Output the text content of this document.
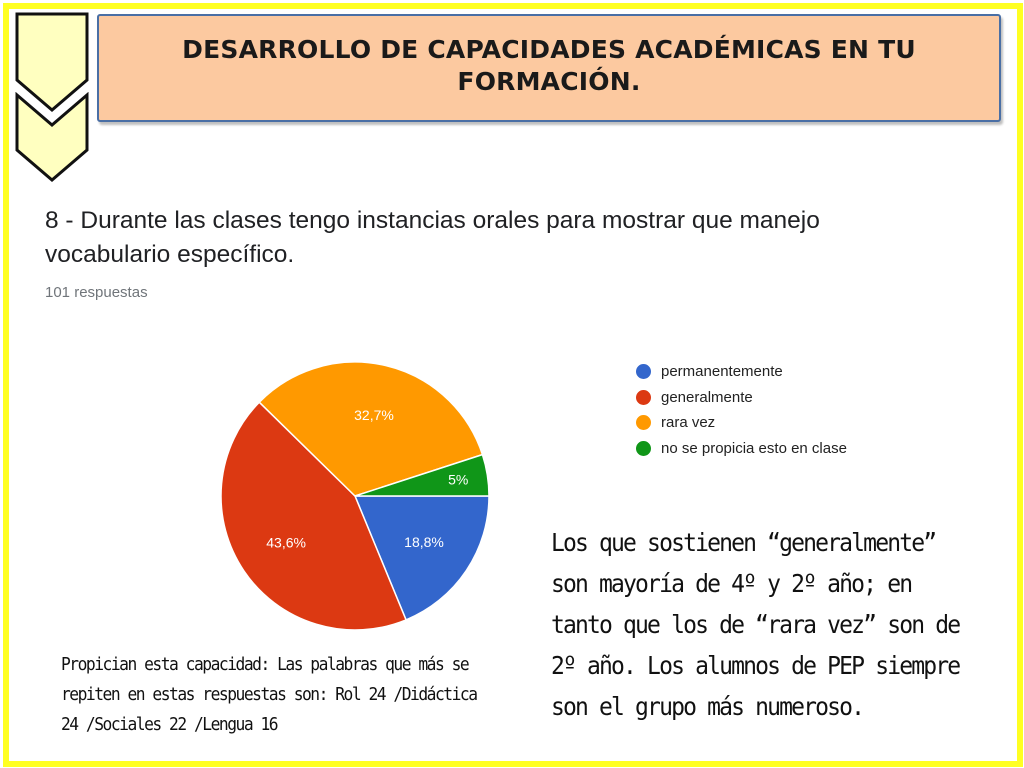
DESARROLLO DE CAPACIDADES ACADÉMICAS EN TU
FORMACIÓN.
8 - Durante las clases tengo instancias orales para mostrar que manejo vocabulario específico.
101 respuestas
18,8%
43,6%
32,7%
5%
permanentemente
generalmente
rara vez
no se propicia esto en clase
Los que sostienen “generalmente” son mayoría de 4º y 2º año; en tanto que los de “rara vez” son de 2º año. Los alumnos de PEP siempre son el grupo más numeroso.
Propician esta capacidad: Las palabras que más se repiten en estas respuestas son: Rol 24 /Didáctica 24 /Sociales 22 /Lengua 16
